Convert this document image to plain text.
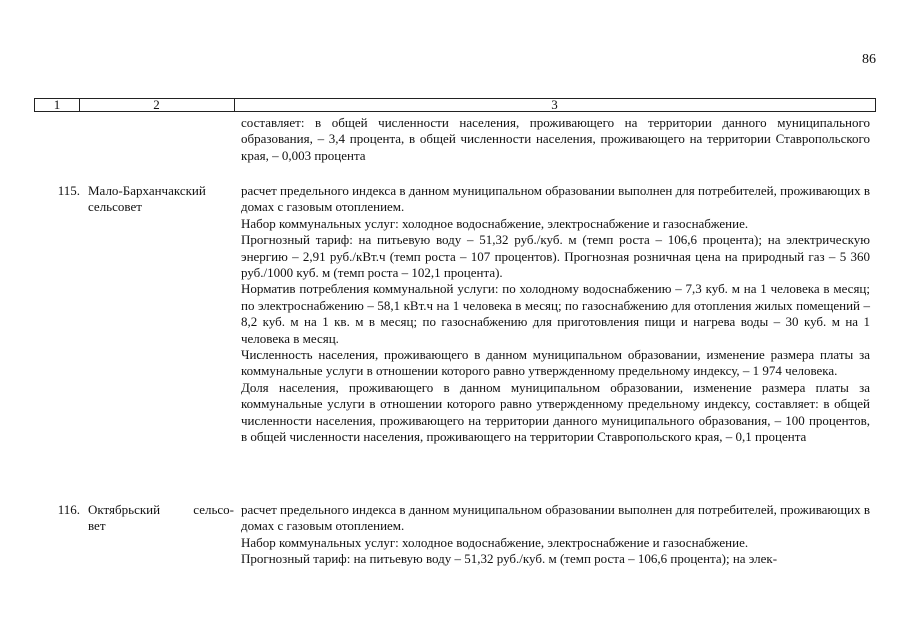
86
1	2	3

составляет: в общей численности населения, проживающего на территории данного муниципального образования, – 3,4 процента, в общей численности населения, проживающего на территории Ставропольского края, – 0,003 процента

115. Мало-Барханчакский
сельсовет

расчет предельного индекса в данном муниципальном образовании выполнен для потребителей, проживающих в домах с газовым отоплением.

Набор коммунальных услуг: холодное водоснабжение, электроснабжение и газоснабжение.

Прогнозный тариф: на питьевую воду – 51,32 руб./куб. м (темп роста – 106,6 процента); на электрическую энергию – 2,91 руб./кВт.ч (темп роста – 107 процентов). Прогнозная розничная цена на природный газ – 5 360 руб./1000 куб. м (темп роста – 102,1 процента).

Норматив потребления коммунальной услуги: по холодному водоснабжению – 7,3 куб. м на 1 человека в месяц; по электроснабжению – 58,1 кВт.ч на 1 человека в месяц; по газоснабжению для отопления жилых помещений – 8,2 куб. м на 1 кв. м в месяц; по газоснабжению для приготовления пищи и нагрева воды – 30 куб. м на 1 человека в месяц.

Численность населения, проживающего в данном муниципальном образовании, изменение размера платы за коммунальные услуги в отношении которого равно утвержденному предельному индексу, – 1 974 человека.

Доля населения, проживающего в данном муниципальном образовании, изменение размера платы за коммунальные услуги в отношении которого равно утвержденному предельному индексу, составляет: в общей численности населения, проживающего на территории данного муниципального образования, – 100 процентов, в общей численности населения, проживающего на территории Ставропольского края, – 0,1 процента

116. Октябрьский сельсо-
вет

расчет предельного индекса в данном муниципальном образовании выполнен для потребителей, проживающих в домах с газовым отоплением.

Набор коммунальных услуг: холодное водоснабжение, электроснабжение и газоснабжение.

Прогнозный тариф: на питьевую воду – 51,32 руб./куб. м (темп роста – 106,6 процента); на элек-
